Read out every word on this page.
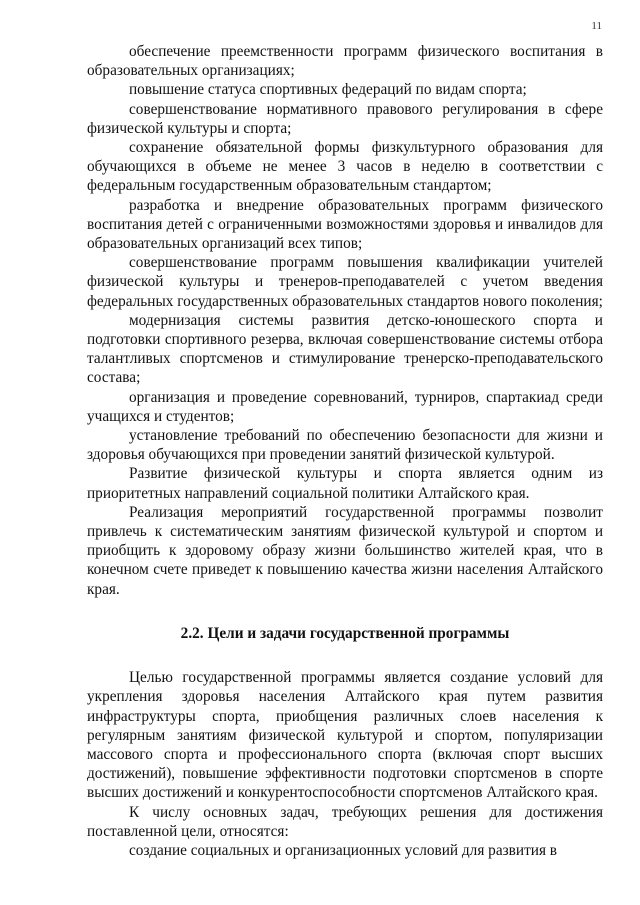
11

обеспечение преемственности программ физического воспитания в образовательных организациях;

повышение статуса спортивных федераций по видам спорта;

совершенствование нормативного правового регулирования в сфере физической культуры и спорта;

сохранение обязательной формы физкультурного образования для обучающихся в объеме не менее 3 часов в неделю в соответствии с федеральным государственным образовательным стандартом;

разработка и внедрение образовательных программ физического воспитания детей с ограниченными возможностями здоровья и инвалидов для образовательных организаций всех типов;

совершенствование программ повышения квалификации учителей физической культуры и тренеров-преподавателей с учетом введения федеральных государственных образовательных стандартов нового поколения;

модернизация системы развития детско-юношеского спорта и подготовки спортивного резерва, включая совершенствование системы отбора талантливых спортсменов и стимулирование тренерско-преподавательского состава;

организация и проведение соревнований, турниров, спартакиад среди учащихся и студентов;

установление требований по обеспечению безопасности для жизни и здоровья обучающихся при проведении занятий физической культурой.

Развитие физической культуры и спорта является одним из приоритетных направлений социальной политики Алтайского края.

Реализация мероприятий государственной программы позволит привлечь к систематическим занятиям физической культурой и спортом и приобщить к здоровому образу жизни большинство жителей края, что в конечном счете приведет к повышению качества жизни населения Алтайского края.

2.2. Цели и задачи государственной программы

Целью государственной программы является создание условий для укрепления здоровья населения Алтайского края путем развития инфраструктуры спорта, приобщения различных слоев населения к регулярным занятиям физической культурой и спортом, популяризации массового спорта и профессионального спорта (включая спорт высших достижений), повышение эффективности подготовки спортсменов в спорте высших достижений и конкурентоспособности спортсменов Алтайского края.

К числу основных задач, требующих решения для достижения поставленной цели, относятся:

создание социальных и организационных условий для развития в
